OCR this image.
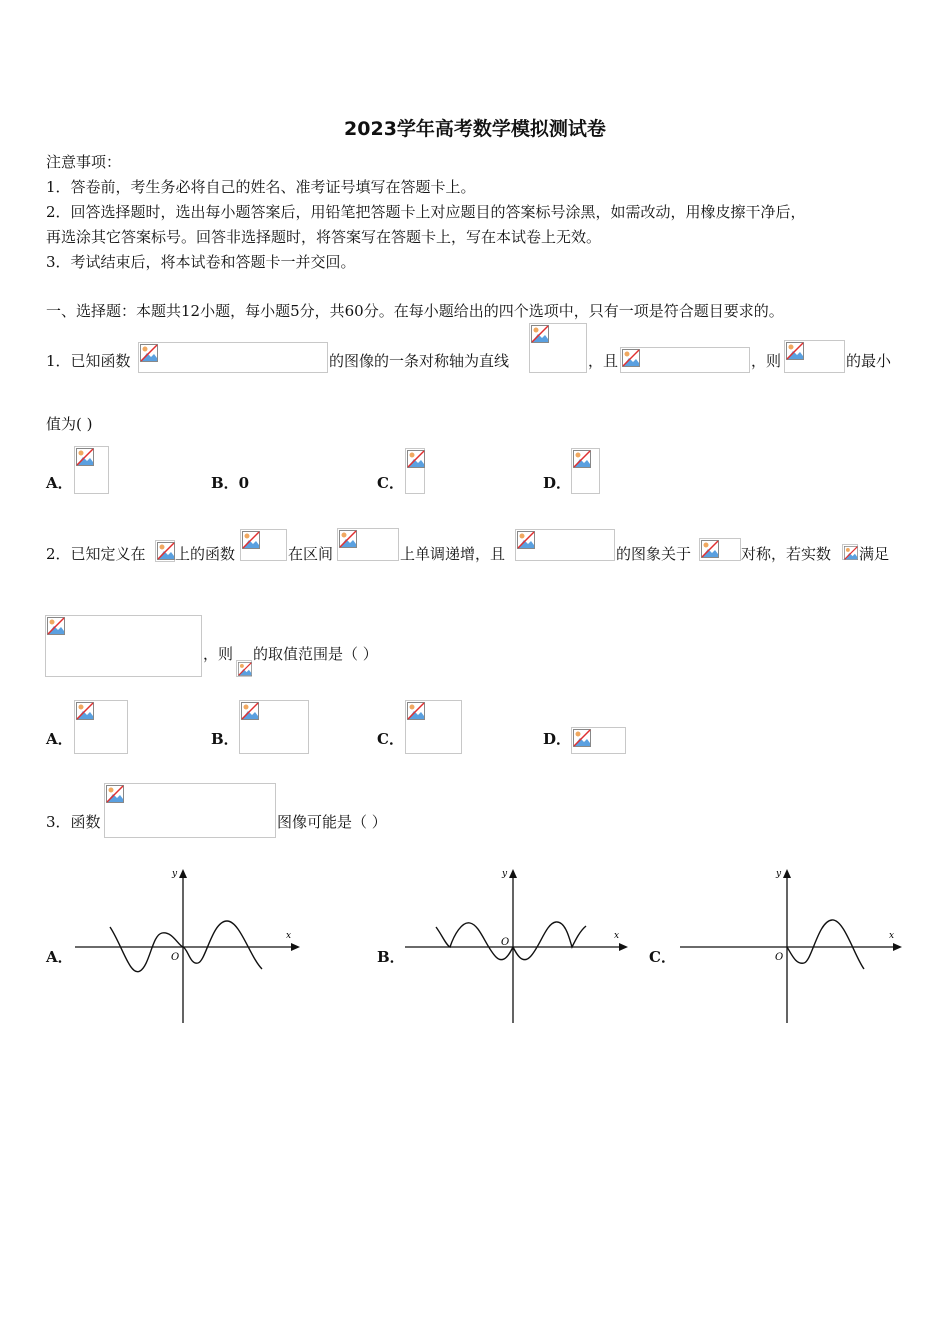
2023学年高考数学模拟测试卷
注意事项：
1．答卷前，考生务必将自己的姓名、准考证号填写在答题卡上。
2．回答选择题时，选出每小题答案后，用铅笔把答题卡上对应题目的答案标号涂黑，如需改动，用橡皮擦干净后，
再选涂其它答案标号。回答非选择题时，将答案写在答题卡上，写在本试卷上无效。
3．考试结束后，将本试卷和答题卡一并交回。
一、选择题：本题共12小题，每小题5分，共60分。在每小题给出的四个选项中，只有一项是符合题目要求的。
1．已知函数	的图像的一条对称轴为直线	，且	，则	的最小
值为( )
A．	B．0	C．	D．
2．已知定义在 上的函数	在区间	上单调递增，且	的图象关于	对称，若实数 满足
，则 的取值范围是（ ）
A．	B．	C．	D．
3．函数	图像可能是（ ）
A．
x
y
O	B．
x
y
O
C．
x
y
O
